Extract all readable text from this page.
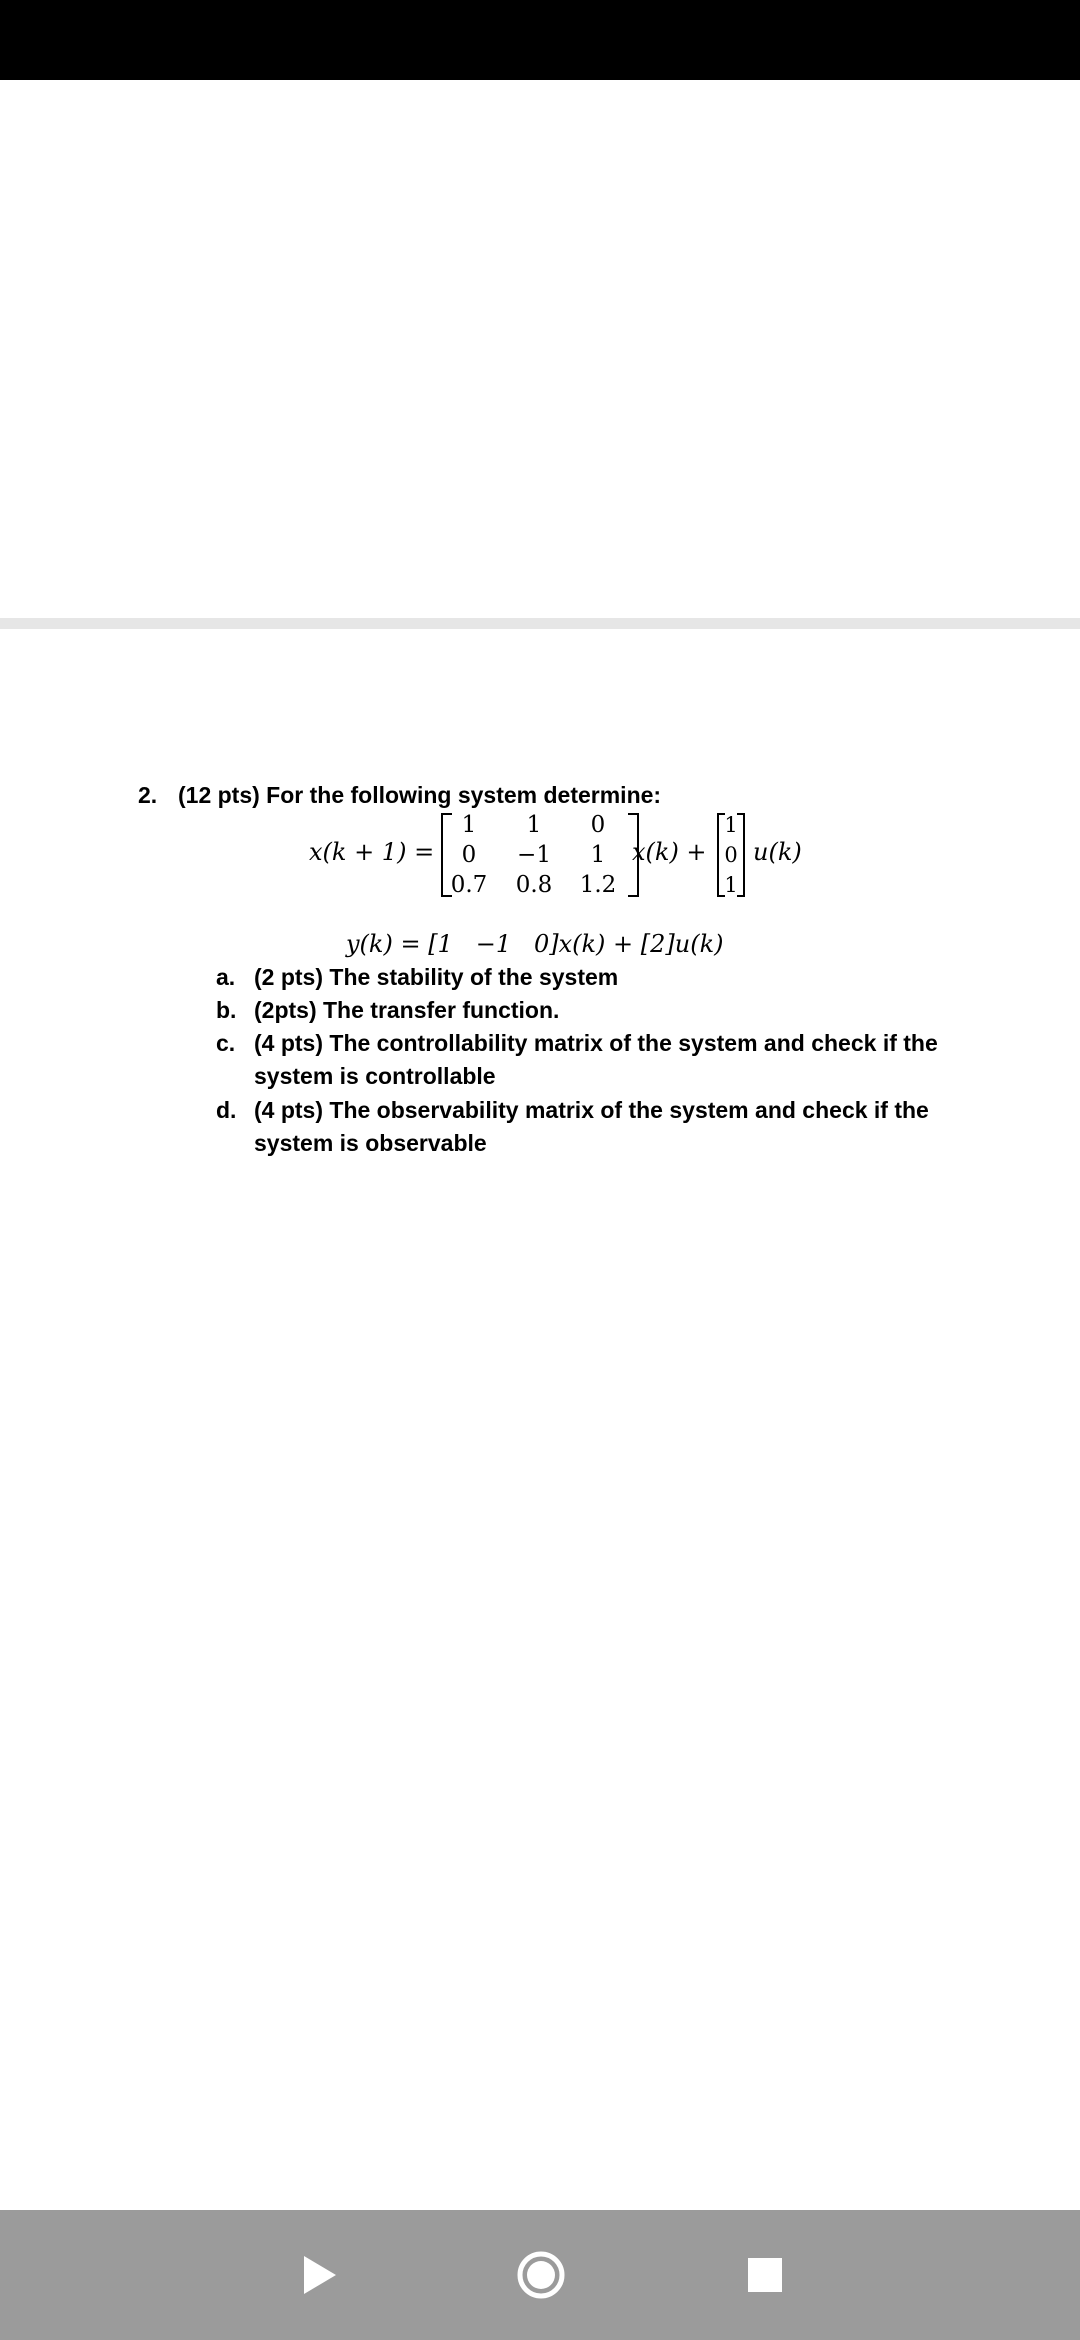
2. (12 pts) For the following system determine:
x(k + 1) =
1	1	0
0	−1	1
0.7	0.8	1.2
x(k) +
1
0
1
u(k)
y(k) = [1   −1   0]x(k) + [2]u(k)
a. (2 pts) The stability of the system
b. (2pts) The transfer function.
c. (4 pts) The controllability matrix of the system and check if the
system is controllable
d. (4 pts) The observability matrix of the system and check if the
system is observable
